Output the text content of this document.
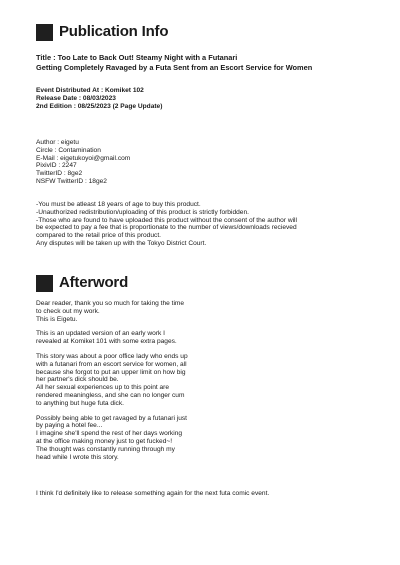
Publication Info
Title : Too Late to Back Out! Steamy Night with a Futanari
Getting Completely Ravaged by a Futa Sent from an Escort Service for Women
Event Distributed At : Komiket 102
Release Date : 08/03/2023
2nd Edition : 08/25/2023 (2 Page Update)
Author : eigetu
Circle : Contamination
E-Mail : eigetukoyoi@gmail.com
PixivID : 2247
TwitterID : 8ge2
NSFW TwitterID : 18ge2
-You must be atleast 18 years of age to buy this product.
-Unauthorized redistribution/uploading of this product is strictly forbidden.
-Those who are found to have uploaded this product without the consent of the author will
be expected to pay a fee that is proportionate to the number of views/downloads recieved
compared to the retail price of this product.
Any disputes will be taken up with the Tokyo District Court.
Afterword
Dear reader, thank you so much for taking the time
to check out my work.
This is Eigetu.
This is an updated version of an early work I
revealed at Komiket 101 with some extra pages.
This story was about a poor office lady who ends up
with a futanari from an escort service for women, all
because she forgot to put an upper limit on how big
her partner's dick should be.
All her sexual experiences up to this point are
rendered meaningless, and she can no longer cum
to anything but huge futa dick.
Possibly being able to get ravaged by a futanari just
by paying a hotel fee...
I imagine she'll spend the rest of her days working
at the office making money just to get fucked~!
The thought was constantly running through my
head while I wrote this story.
I think I'd definitely like to release something again for the next futa comic event.
